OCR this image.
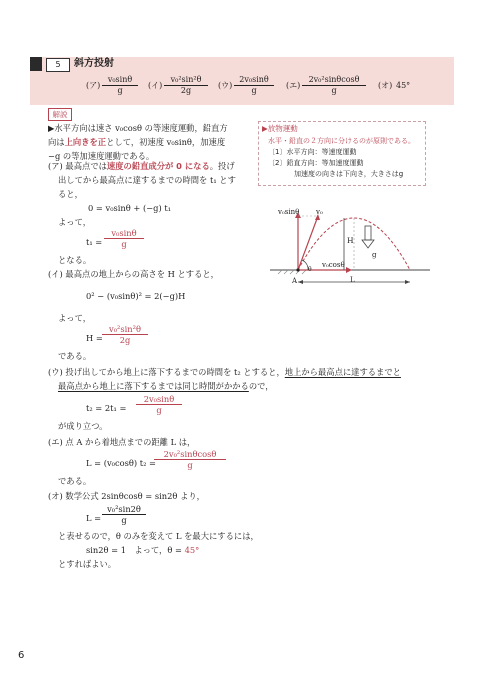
5	斜方投射
(ア) $\frac{\text{v₀sinθ}}{g}$ (イ) $\frac{\text{v₀²sin²θ}}{2g}$ (ウ) $\frac{\text{2v₀sinθ}}{g}$ (エ) $\frac{\text{2v₀²sinθcosθ}}{g}$ (オ) 45°
解説
▶水平方向は速さ v₀cosθ の等速度運動，鉛直方
向は上向きを正として，初速度 v₀sinθ，加速度
−g の等加速度運動である。
▶放物運動
水平・鉛直の２方向に分けるのが原則である。
〔1〕水平方向：等速度運動
〔2〕鉛直方向：等加速度運動
加速度の向きは下向き，大きさはg
(ア) 最高点では速度の鉛直成分が 0 になる。投げ
出してから最高点に達するまでの時間を t₁ とす
ると，
0 = v₀sinθ + (−g) t₁
よって，
$t_1 = \frac{\text{v₀sinθ}}{g}$
となる。
(イ) 最高点の地上からの高さを H とすると，
0² − (v₀sinθ)² = 2(−g)H
よって，
$H = \frac{\text{v₀²sin²θ}}{2g}$
である。
(ウ) 投げ出してから地上に落下するまでの時間を t₂ とすると，地上から最高点に達するまでと
最高点から地上に落下するまでは同じ時間がかかるので，
$t_2 = 2t_1 = \frac{\text{2v₀sinθ}}{g}$
が成り立つ。
(エ) 点 A から着地点までの距離 L は，
L = (v₀cosθ) t₂ =
$\frac{\text{2v₀²sinθcosθ}}{g}$
である。
(オ) 数学公式 2sinθcosθ = sin2θ より，
$L = \frac{\text{v₀²sin2θ}}{g}$
と表せるので，θ のみを変えて L を最大にするには，
sin2θ = 1　よって，θ = 45°
とすればよい。
v₀sinθ v₀
H
g
v₀cosθ
θ
A	L
6
